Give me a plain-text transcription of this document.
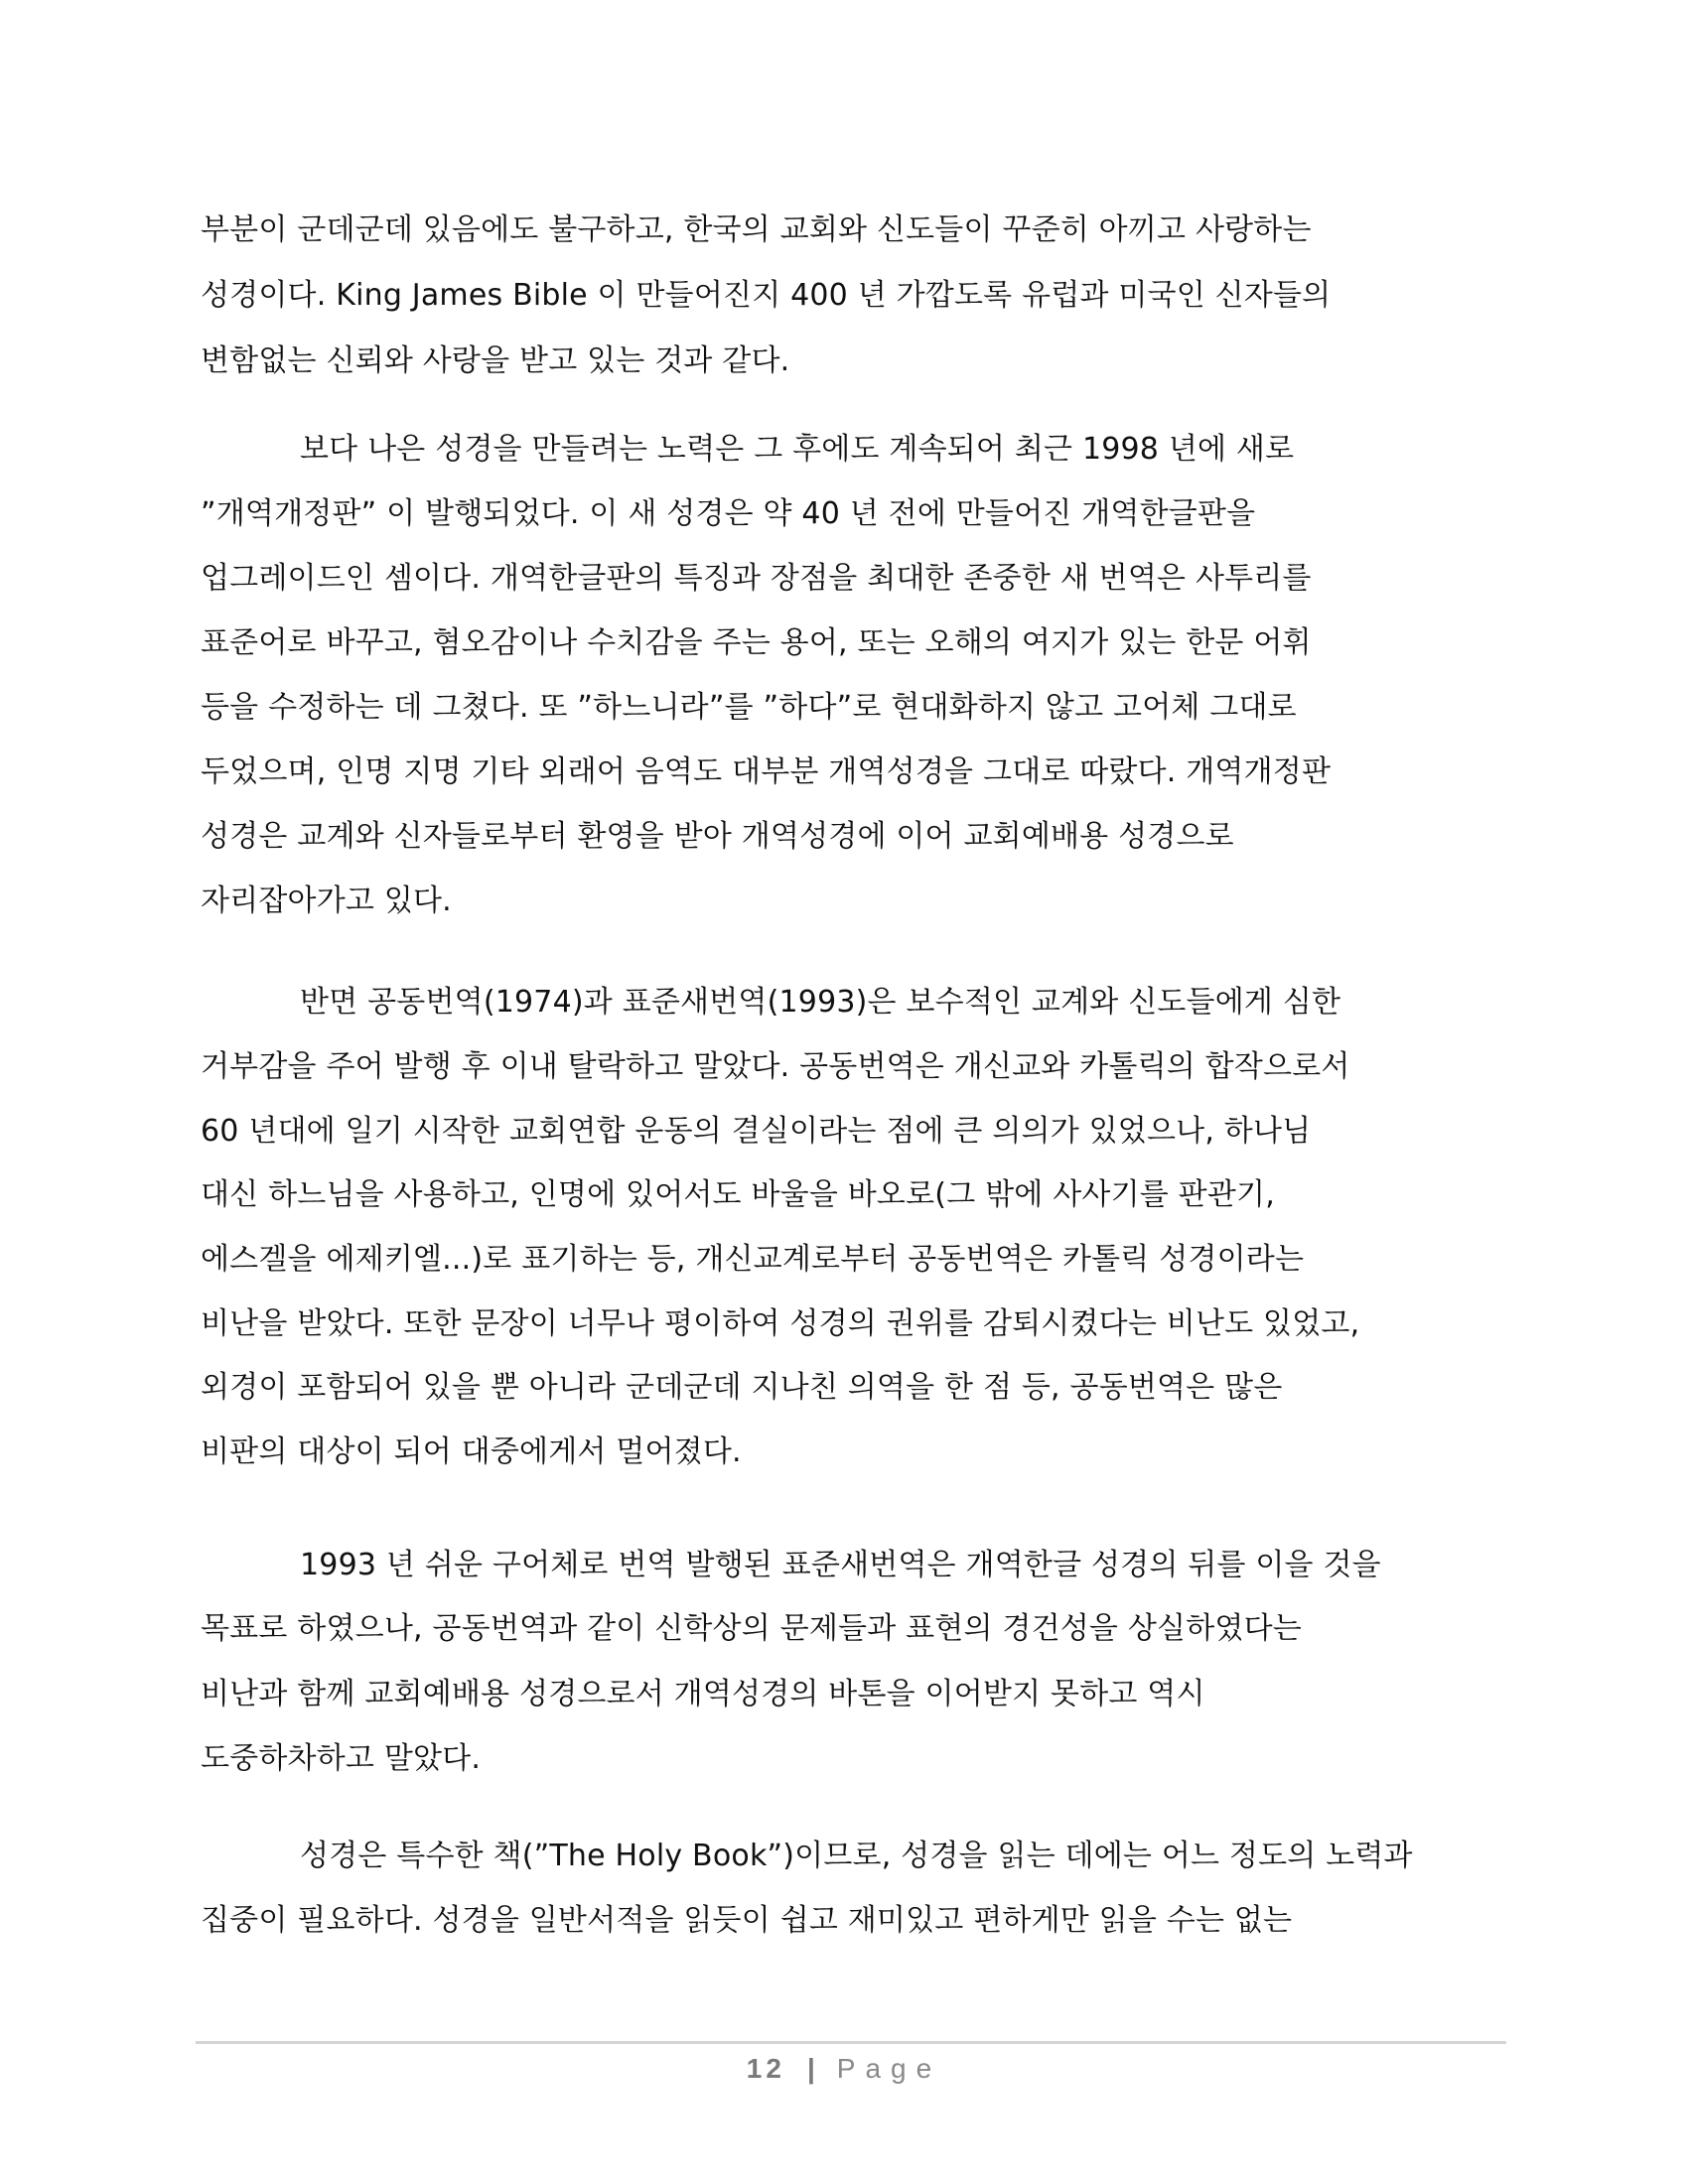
부분이 군데군데 있음에도 불구하고, 한국의 교회와 신도들이 꾸준히 아끼고 사랑하는
성경이다. King James Bible 이 만들어진지 400 년 가깝도록 유럽과 미국인 신자들의
변함없는 신뢰와 사랑을 받고 있는 것과 같다.
보다 나은 성경을 만들려는 노력은 그 후에도 계속되어 최근 1998 년에 새로
”개역개정판” 이 발행되었다. 이 새 성경은 약 40 년 전에 만들어진 개역한글판을
업그레이드인 셈이다. 개역한글판의 특징과 장점을 최대한 존중한 새 번역은 사투리를
표준어로 바꾸고, 혐오감이나 수치감을 주는 용어, 또는 오해의 여지가 있는 한문 어휘
등을 수정하는 데 그쳤다. 또 ”하느니라”를 ”하다”로 현대화하지 않고 고어체 그대로
두었으며, 인명 지명 기타 외래어 음역도 대부분 개역성경을 그대로 따랐다. 개역개정판
성경은 교계와 신자들로부터 환영을 받아 개역성경에 이어 교회예배용 성경으로
자리잡아가고 있다.
반면 공동번역(1974)과 표준새번역(1993)은 보수적인 교계와 신도들에게 심한
거부감을 주어 발행 후 이내 탈락하고 말았다. 공동번역은 개신교와 카톨릭의 합작으로서
60 년대에 일기 시작한 교회연합 운동의 결실이라는 점에 큰 의의가 있었으나, 하나님
대신 하느님을 사용하고, 인명에 있어서도 바울을 바오로(그 밖에 사사기를 판관기,
에스겔을 에제키엘...)로 표기하는 등, 개신교계로부터 공동번역은 카톨릭 성경이라는
비난을 받았다. 또한 문장이 너무나 평이하여 성경의 권위를 감퇴시켰다는 비난도 있었고,
외경이 포함되어 있을 뿐 아니라 군데군데 지나친 의역을 한 점 등, 공동번역은 많은
비판의 대상이 되어 대중에게서 멀어졌다.
1993 년 쉬운 구어체로 번역 발행된 표준새번역은 개역한글 성경의 뒤를 이을 것을
목표로 하였으나, 공동번역과 같이 신학상의 문제들과 표현의 경건성을 상실하였다는
비난과 함께 교회예배용 성경으로서 개역성경의 바톤을 이어받지 못하고 역시
도중하차하고 말았다.
성경은 특수한 책(”The Holy Book”)이므로, 성경을 읽는 데에는 어느 정도의 노력과
집중이 필요하다. 성경을 일반서적을 읽듯이 쉽고 재미있고 편하게만 읽을 수는 없는
12 | Page
